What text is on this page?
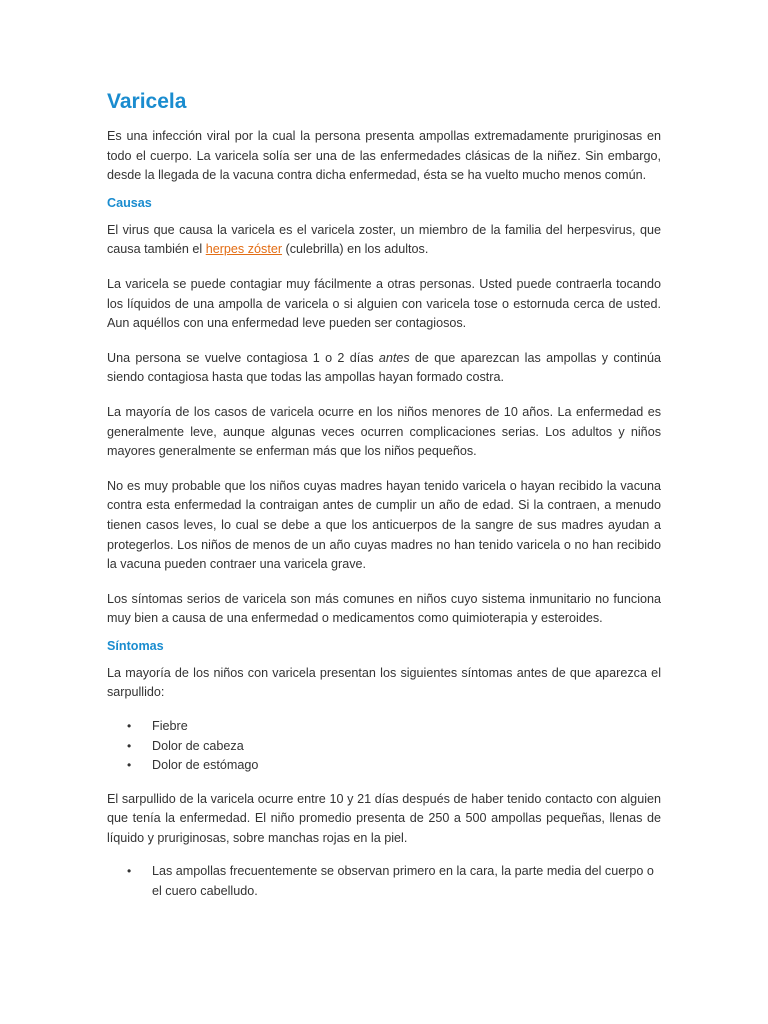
Varicela

Es una infección viral por la cual la persona presenta ampollas extremadamente pruriginosas en todo el cuerpo. La varicela solía ser una de las enfermedades clásicas de la niñez. Sin embargo, desde la llegada de la vacuna contra dicha enfermedad, ésta se ha vuelto mucho menos común.

Causas

El virus que causa la varicela es el varicela zoster, un miembro de la familia del herpesvirus, que causa también el herpes zóster (culebrilla) en los adultos.

La varicela se puede contagiar muy fácilmente a otras personas. Usted puede contraerla tocando los líquidos de una ampolla de varicela o si alguien con varicela tose o estornuda cerca de usted. Aun aquéllos con una enfermedad leve pueden ser contagiosos.

Una persona se vuelve contagiosa 1 o 2 días antes de que aparezcan las ampollas y continúa siendo contagiosa hasta que todas las ampollas hayan formado costra.

La mayoría de los casos de varicela ocurre en los niños menores de 10 años. La enfermedad es generalmente leve, aunque algunas veces ocurren complicaciones serias. Los adultos y niños mayores generalmente se enferman más que los niños pequeños.

No es muy probable que los niños cuyas madres hayan tenido varicela o hayan recibido la vacuna contra esta enfermedad la contraigan antes de cumplir un año de edad. Si la contraen, a menudo tienen casos leves, lo cual se debe a que los anticuerpos de la sangre de sus madres ayudan a protegerlos. Los niños de menos de un año cuyas madres no han tenido varicela o no han recibido la vacuna pueden contraer una varicela grave.

Los síntomas serios de varicela son más comunes en niños cuyo sistema inmunitario no funciona muy bien a causa de una enfermedad o medicamentos como quimioterapia y esteroides.

Síntomas

La mayoría de los niños con varicela presentan los siguientes síntomas antes de que aparezca el sarpullido:

• Fiebre
• Dolor de cabeza
• Dolor de estómago

El sarpullido de la varicela ocurre entre 10 y 21 días después de haber tenido contacto con alguien que tenía la enfermedad. El niño promedio presenta de 250 a 500 ampollas pequeñas, llenas de líquido y pruriginosas, sobre manchas rojas en la piel.

• Las ampollas frecuentemente se observan primero en la cara, la parte media del cuerpo o el cuero cabelludo.
